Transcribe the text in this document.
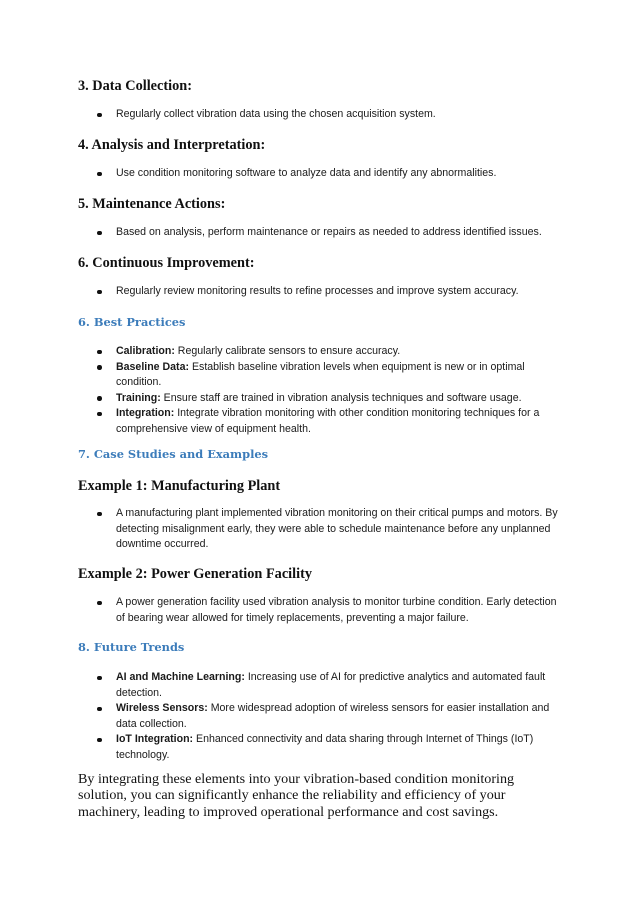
3. Data Collection:
Regularly collect vibration data using the chosen acquisition system.
4. Analysis and Interpretation:
Use condition monitoring software to analyze data and identify any abnormalities.
5. Maintenance Actions:
Based on analysis, perform maintenance or repairs as needed to address identified issues.
6. Continuous Improvement:
Regularly review monitoring results to refine processes and improve system accuracy.
6. Best Practices
Calibration: Regularly calibrate sensors to ensure accuracy.
Baseline Data: Establish baseline vibration levels when equipment is new or in optimal condition.
Training: Ensure staff are trained in vibration analysis techniques and software usage.
Integration: Integrate vibration monitoring with other condition monitoring techniques for a comprehensive view of equipment health.
7. Case Studies and Examples
Example 1: Manufacturing Plant
A manufacturing plant implemented vibration monitoring on their critical pumps and motors. By detecting misalignment early, they were able to schedule maintenance before any unplanned downtime occurred.
Example 2: Power Generation Facility
A power generation facility used vibration analysis to monitor turbine condition. Early detection of bearing wear allowed for timely replacements, preventing a major failure.
8. Future Trends
AI and Machine Learning: Increasing use of AI for predictive analytics and automated fault detection.
Wireless Sensors: More widespread adoption of wireless sensors for easier installation and data collection.
IoT Integration: Enhanced connectivity and data sharing through Internet of Things (IoT) technology.

By integrating these elements into your vibration-based condition monitoring solution, you can significantly enhance the reliability and efficiency of your machinery, leading to improved operational performance and cost savings.
